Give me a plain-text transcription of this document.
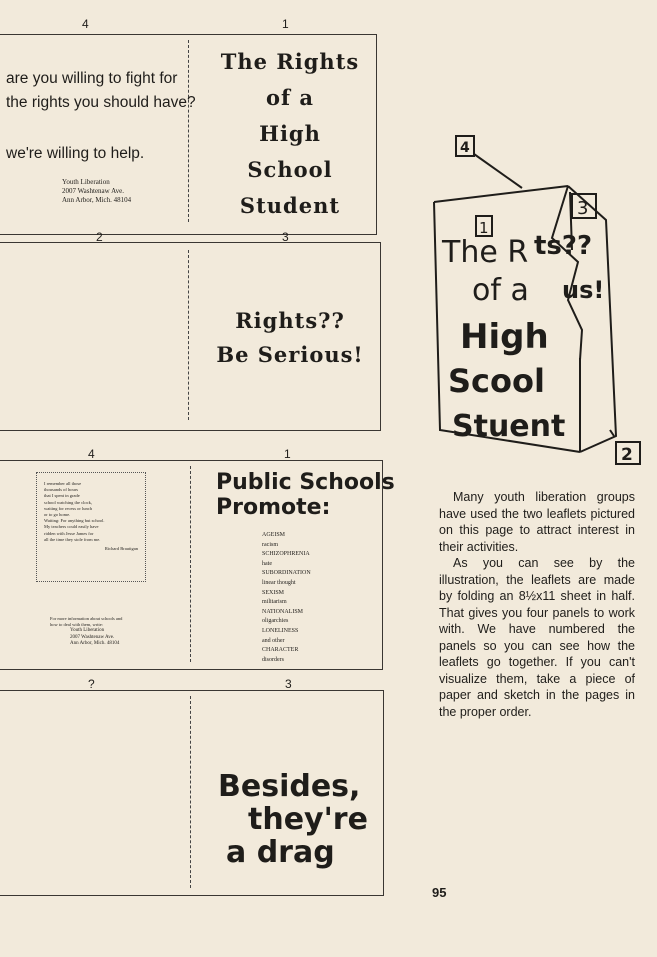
4	1
The Rights
of a
High
School
Student
are you willing to fight for
the rights you should have?
we're willing to help.
Youth Liberation
2007 Washtenaw Ave.
Ann Arbor, Mich. 48104
2	3
Rights??
Be Serious!
4	1
I remember all those
thousands of hours
that I spent in grade
school watching the clock,
waiting for recess or lunch
or to go home.
Waiting: For anything but school.
My teachers could easily have
ridden with Jesse James for
all the time they stole from me.
Richard Brautigan
For more information about schools and
how to deal with them, write:
Youth Liberation
2007 Washtenaw Ave.
Ann Arbor, Mich. 48104
Public Schools
Promote:
AGEISM
racism
SCHIZOPHRENIA
hate
SUBORDINATION
linear thought
SEXISM
militarism
NATIONALISM
oligarchies
LONELINESS
and other
CHARACTER
disorders
?	3
Besides,
they're
a drag
4
3
1
2
The R ts??
of a us!
High
Scool
Stuent

Many youth liberation groups have used the two leaflets pictured on this page to attract interest in their activities.

As you can see by the illustration, the leaflets are made by folding an 8½x11 sheet in half. That gives you four panels to work with. We have numbered the panels so you can see how the leaflets go together. If you can't visualize them, take a piece of paper and sketch in the pages in the proper order.

95
